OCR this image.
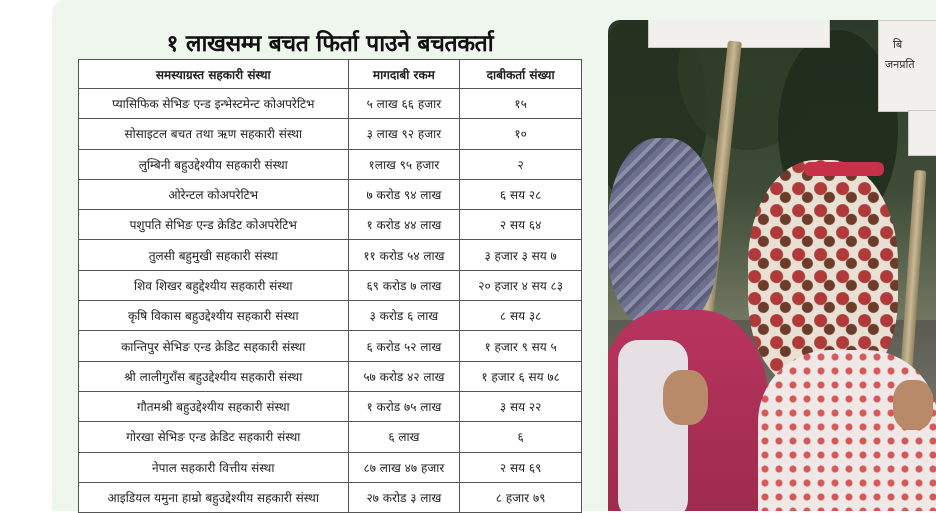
१ लाखसम्म बचत फिर्ता पाउने बचतकर्ता
समस्याग्रस्त सहकारी संस्था	मागदाबी रकम	दाबीकर्ता संख्या
प्यासिफिक सेभिङ एन्ड इन्भेस्टमेन्ट कोअपरेटिभ	५ लाख ६६ हजार	१५
सोसाइटल बचत तथा ऋण सहकारी संस्था	३ लाख ९२ हजार	१०
लुम्बिनी बहुउद्देश्यीय सहकारी संस्था	१लाख ९५ हजार	२
ओरेन्टल कोअपरेटिभ	७ करोड ९४ लाख	६ सय २८
पशुपति सेभिङ एन्ड क्रेडिट कोअपरेटिभ	१ करोड ४४ लाख	२ सय ६४
तुलसी बहुमुखी सहकारी संस्था	११ करोड ५४ लाख	३ हजार ३ सय ७
शिव शिखर बहुद्देश्यीय सहकारी संस्था	६९ करोड ७ लाख	२० हजार ४ सय ८३
कृषि विकास बहुउद्देश्यीय सहकारी संस्था	३ करोड ६ लाख	८ सय ३८
कान्तिपुर सेभिङ एन्ड क्रेडिट सहकारी संस्था	६ करोड ५२ लाख	१ हजार ९ सय ५
श्री लालीगुराँस बहुउद्देश्यीय सहकारी संस्था	५७ करोड ४२ लाख	१ हजार ६ सय ७८
गौतमश्री बहुउद्देश्यीय सहकारी संस्था	१ करोड ७५ लाख	३ सय २२
गोरखा सेभिङ एन्ड क्रेडिट सहकारी संस्था	६ लाख	६
नेपाल सहकारी वित्तीय संस्था	८७ लाख ४७ हजार	२ सय ६९
आइडियल यमुना हाम्रो बहुउद्देश्यीय सहकारी संस्था	२७ करोड ३ लाख	८ हजार ७९
बि
जनप्रति
